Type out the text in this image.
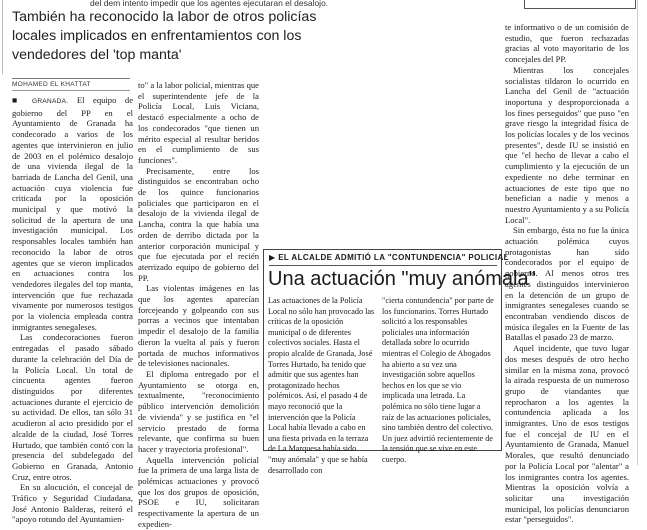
del dem intento impedir que los agentes ejecutaran el desalojo.
También ha reconocido la labor de otros policías locales implicados en enfrentamientos con los vendedores del 'top manta'
MOHAMED EL KHATTAT

■ GRANADA. El equipo de gobierno del PP en el Ayuntamiento de Granada ha condecorado a varios de los agentes que intervinieron en julio de 2003 en el polémico desalojo de una vivienda ilegal de la barriada de Lancha del Genil, una actuación cuya violencia fue criticada por la oposición municipal y que motivó la solicitud de la apertura de una investigación municipal. Los responsables locales también han reconocido la labor de otros agentes que se vieron implicados en actuaciones contra los vendedores ilegales del top manta, intervención que fue rechazada vivamente por numerosos testigos por la violencia empleada contra inmigrantes senegaleses.

Las condecoraciones fueron entregadas el pasado sábado durante la celebración del Día de la Policía Local. Un total de cincuenta agentes fueron distinguidos por diferentes actuaciones durante el ejercicio de su actividad. De ellos, tan sólo 31 acudieron al acto presidido por el alcalde de la ciudad, José Torres Hurtado, que también contó con la presencia del subdelegado del Gobierno en Granada, Antonio Cruz, entre otros.

En su alocución, el concejal de Tráfico y Seguridad Ciudadana, José Antonio Balderas, reiteró el "apoyo rotundo del Ayuntamien-

to" a la labor policial, mientras que el superintendente jefe de la Policía Local, Luis Viciana, destacó especialmente a ocho de los condecorados "que tienen un mérito especial al resultar heridos en el cumplimiento de sus funciones".

Precisamente, entre los distinguidos se encontraban ocho de los quince funcionarios policiales que participaron en el desalojo de la vivienda ilegal de Lancha, contra la que había una orden de derribo dictada por la anterior corporación municipal y que fue ejecutada por el recién aterrizado equipo de gobierno del PP.

Las violentas imágenes en las que los agentes aparecían forcejeando y golpeando con sus porras a vecinos que intentaban impedir el desalojo de la familia dieron la vuelta al país y fueron portada de muchos informativos de televisiones nacionales.

El diploma entregado por el Ayuntamiento se otorga en, textualmente, "reconocimiento público intervención demolición de vivienda" y se justifica en "el servicio prestado de forma relevante, que confirma su buen hacer y trayectoria profesional".

Aquella intervención policial fue la primera de una larga lista de polémicas actuaciones y provocó que los dos grupos de oposición, PSOE e IU, solicitaran respectivamente la apertura de un expedien-

▶ EL ALCALDE ADMITIÓ LA "CONTUNDENCIA" POLICIAL
Una actuación "muy anómala"

Las actuaciones de la Policía Local no sólo han provocado las críticas de la oposición municipal o de diferentes colectivos sociales. Hasta el propio alcalde de Granada, José Torres Hurtado, ha tenido que admitir que sus agentes han protagonizado hechos polémicos. Así, el pasado 4 de mayo reconoció que la intervención que la Policía Local había llevado a cabo en una fiesta privada en la terraza de La Marquesa había sido "muy anómala" y que se había desarrollado con

"cierta contundencia" por parte de los funcionarios. Torres Hurtado solicitó a los responsables policiales una información detallada sobre lo ocurrido mientras el Colegio de Abogados ha abierto a su vez una investigación sobre aquellos hechos en los que se vio implicada una letrada. La polémica no sólo tiene lugar a raíz de las actuaciones policiales, sino también dentro del colectivo. Un juez advirtió recientemente de la tensión que se vive en este cuerpo.

te informativo o de un comisión de estudio, que fueron rechazadas gracias al voto mayoritario de los concejales del PP.

Mientras los concejales socialistas tildaron lo ocurrido en Lancha del Genil de "actuación inoportuna y desproporcionada a los fines perseguidos" que puso "en grave riesgo la integridad física de los policías locales y de los vecinos presentes", desde IU se insistió en que "el hecho de llevar a cabo el cumplimiento y la ejecución de un expediente no debe terminar en actuaciones de este tipo que no benefician a nadie y menos a nuestro Ayuntamiento y a su Policía Local".

Sin embargo, ésta no fue la única actuación polémica cuyos protagonistas han sido condecorados por el equipo de gobierno. Al menos otros tres agentes distinguidos intervinieron en la detención de un grupo de inmigrantes senegaleses cuando se encontraban vendiendo discos de música ilegales en la Fuente de las Batallas el pasado 23 de marzo.

Aquel incidente, que tuvo lugar dos meses después de otro hecho similar en la misma zona, provocó la airada respuesta de un numeroso grupo de viandantes que reprocharon a los agentes la contundencia aplicada a los inmigrantes. Uno de esos testigos fue el concejal de IU en el Ayuntamiento de Granada, Manuel Morales, que resultó denunciado por la Policía Local por "alentar" a los inmigrantes contra los agentes. Mientras la oposición volvía a solicitar una investigación municipal, los policías denunciaron estar "perseguidos".
